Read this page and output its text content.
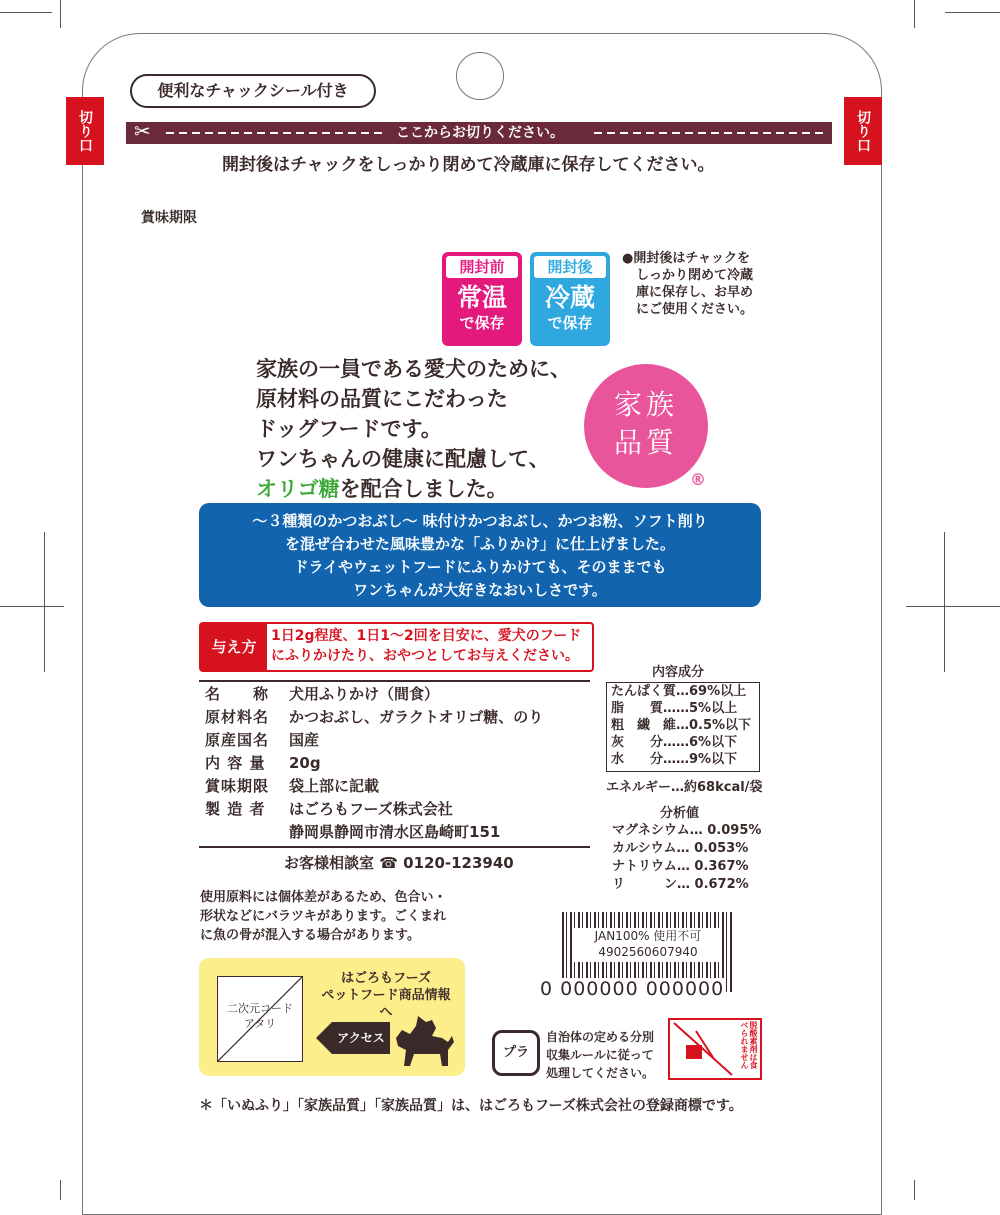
便利なチャックシール付き
切り口	切り口
✂	ここからお切りください。
開封後はチャックをしっかり閉めて冷蔵庫に保存してください。
賞味期限
開封前
常温
で保存
開封後
冷蔵
で保存
●開封後はチャックを
しっかり閉めて冷蔵
庫に保存し、お早め
にご使用ください。
家族の一員である愛犬のために、
原材料の品質にこだわった
ドッグフードです。
ワンちゃんの健康に配慮して、
オリゴ糖を配合しました。
家族
品質
®
～３種類のかつおぶし～ 味付けかつおぶし、かつお粉、ソフト削り
を混ぜ合わせた風味豊かな「ふりかけ」に仕上げました。
ドライやウェットフードにふりかけても、そのままでも
ワンちゃんが大好きなおいしさです。
与え方
1日2g程度、1日1～2回を目安に、愛犬のフード
にふりかけたり、おやつとしてお与えください。
名　　称	犬用ふりかけ（間食）
原材料名	かつおぶし、ガラクトオリゴ糖、のり
原産国名	国産
内 容 量	20g
賞味期限	袋上部に記載
製 造 者	はごろもフーズ株式会社
静岡県静岡市清水区島崎町151
お客様相談室 ☎ 0120-123940
内容成分
たんぱく質…69%以上
脂　　質……5%以上
粗　繊　維…0.5%以下
灰　　分……6%以下
水　　分……9%以下
エネルギー…約68kcal/袋
分析値
マグネシウム… 0.095%
カルシウム… 0.053%
ナトリウム… 0.367%
リ　　　ン… 0.672%
使用原料には個体差があるため、色合い・
形状などにバラツキがあります。ごくまれ
に魚の骨が混入する場合があります。
二次元コード
アタリ
はごろもフーズ
ペットフード商品情報へ
アクセス
JAN100% 使用不可
4902560607940
0 000000 000000
プラ
自治体の定める分別
収集ルールに従って
処理してください。
脱酸素剤は食べられません
＊「いぬふり」「家族品質」「家族品質」は、はごろもフーズ株式会社の登録商標です。
